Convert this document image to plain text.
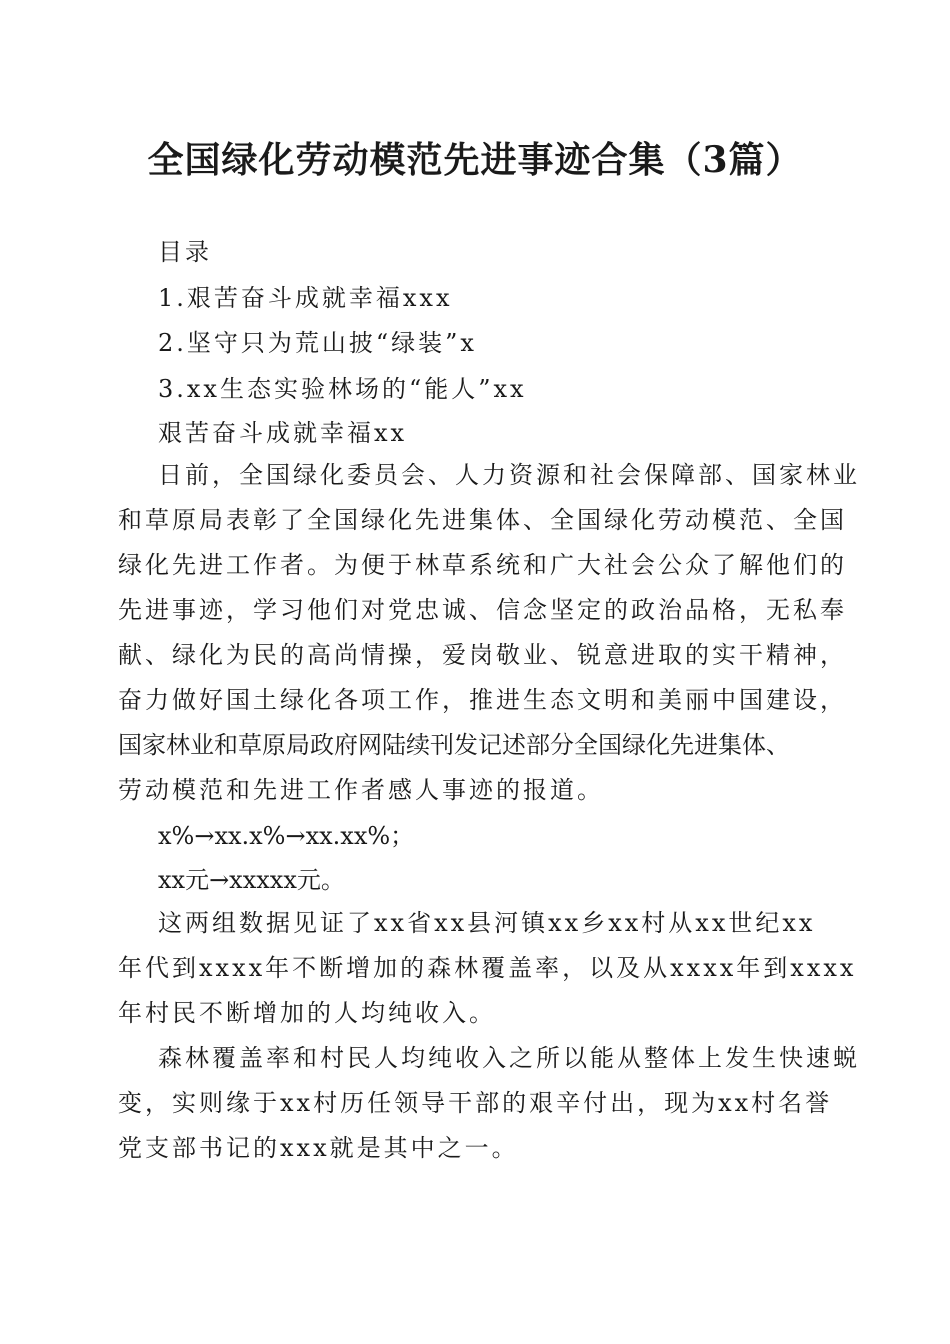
全国绿化劳动模范先进事迹合集（3篇）

目录

1.艰苦奋斗成就幸福xxx

2.坚守只为荒山披“绿装”x

3.xx生态实验林场的“能人”xx

艰苦奋斗成就幸福xx

日前，全国绿化委员会、人力资源和社会保障部、国家林业

和草原局表彰了全国绿化先进集体、全国绿化劳动模范、全国

绿化先进工作者。为便于林草系统和广大社会公众了解他们的

先进事迹，学习他们对党忠诚、信念坚定的政治品格，无私奉

献、绿化为民的高尚情操，爱岗敬业、锐意进取的实干精神，

奋力做好国土绿化各项工作，推进生态文明和美丽中国建设，

国家林业和草原局政府网陆续刊发记述部分全国绿化先进集体、

劳动模范和先进工作者感人事迹的报道。

x%→xx.x%→xx.xx%；

xx元→xxxxx元。

这两组数据见证了xx省xx县河镇xx乡xx村从xx世纪xx

年代到xxxx年不断增加的森林覆盖率，以及从xxxx年到xxxx

年村民不断增加的人均纯收入。

森林覆盖率和村民人均纯收入之所以能从整体上发生快速蜕

变，实则缘于xx村历任领导干部的艰辛付出，现为xx村名誉

党支部书记的xxx就是其中之一。
